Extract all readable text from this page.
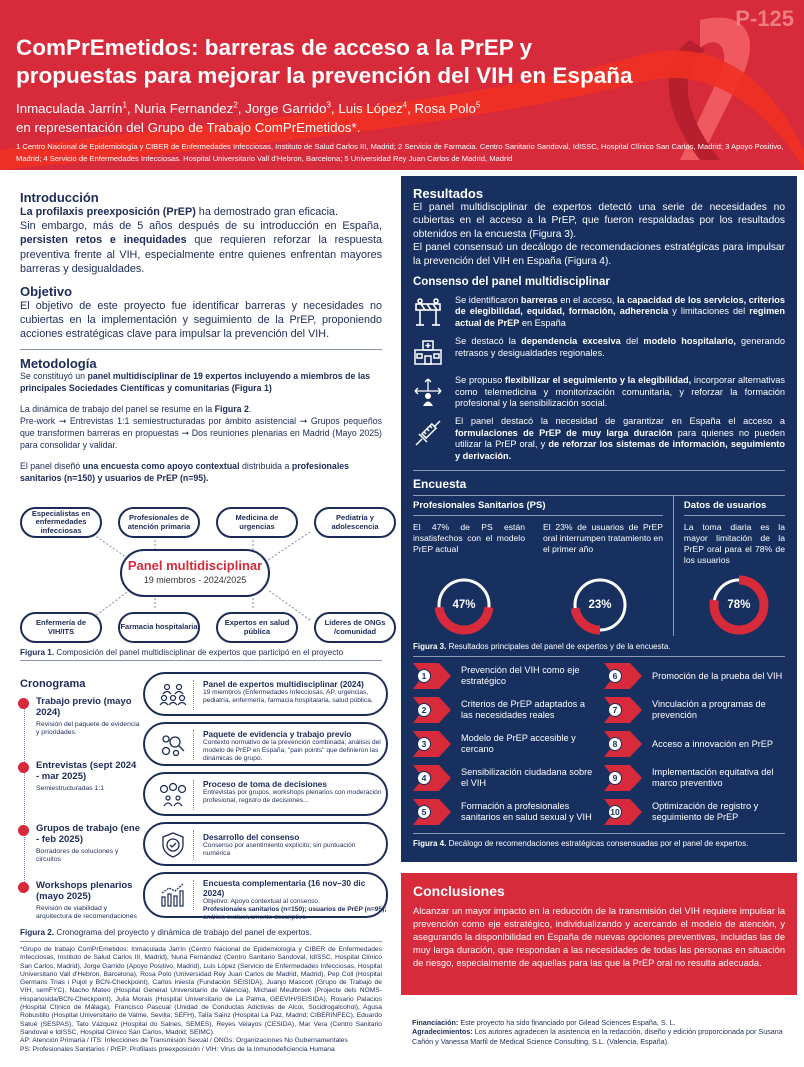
P-125
ComPrEmetidos: barreras de acceso a la PrEP y
propuestas para mejorar la prevención del VIH en España
Inmaculada Jarrín$^1$, Nuria Fernandez$^2$, Jorge Garrido$^3$, Luis López$^4$, Rosa Polo$^5$
en representación del Grupo de Trabajo ComPrEmetidos*.
1 Centro Nacional de Epidemiología y CIBER de Enfermedades Infecciosas, Instituto de Salud Carlos III, Madrid; 2 Servicio de Farmacia. Centro Sanitario Sandoval, IdISSC, Hospital Clínico San Carlos, Madrid; 3 Apoyo Positivo, Madrid; 4 Servicio de Enfermedades Infecciosas. Hospital Universitario Vall d'Hebron, Barcelona; 5 Universidad Rey Juan Carlos de Madrid, Madrid
Introducción
La profilaxis preexposición (PrEP) ha demostrado gran eficacia.
Sin embargo, más de 5 años después de su introducción en España, persisten retos e inequidades que requieren reforzar la respuesta preventiva frente al VIH, especialmente entre quienes enfrentan mayores barreras y desigualdades.
Objetivo
El objetivo de este proyecto fue identificar barreras y necesidades no cubiertas en la implementación y seguimiento de la PrEP, proponiendo acciones estratégicas clave para impulsar la prevención del VIH.
Metodología
Se constituyó un panel multidisciplinar de 19 expertos incluyendo a miembros de las principales Sociedades Científicas y comunitarias (Figura 1)
La dinámica de trabajo del panel se resume en la Figura 2.
Pre-work ➞ Entrevistas 1:1 semiestructuradas por ámbito asistencial ➞ Grupos pequeños que transformen barreras en propuestas ➞ Dos reuniones plenarias en Madrid (Mayo 2025) para consolidar y validar.
El panel diseñó una encuesta como apoyo contextual distribuida a profesionales sanitarios (n=150) y usuarios de PrEP (n=95).
Especialistas en enfermedades infecciosas
Profesionales de atención primaria
Medicina de urgencias
Pediatría y adolescencia
Panel multidisciplinar
19 miembros - 2024/2025
Enfermería de VIH/ITS	Farmacia hospitalaria	Expertos en salud pública
Líderes de ONGs /comunidad
Figura 1. Composición del panel multidisciplinar de expertos que participó en el proyecto
Cronograma
Trabajo previo (mayo 2024)
Revisión del paquete de evidencia y prioridades.
Entrevistas (sept 2024 - mar 2025)
Semiestructuradas 1:1
Grupos de trabajo (ene - feb 2025)
Borradores de soluciones y circuitos
Workshops plenarios (mayo 2025)
Revisión de viabilidad y arquitectura de recomendaciones
Panel de expertos multidisciplinar (2024)
19 miembros (Enfermedades Infecciosas, AP, urgencias, pediatría, enfermería, farmacia hospitalaria, salud pública,
Paquete de evidencia y trabajo previo
Contexto normativo de la prevención combinada; análisis del modelo de PrEP en España; "pain points" que definieron las dinámicas de grupo.
Proceso de toma de decisiones
Entrevistas por grupos, workshops plenarios con moderación profesional, registro de decisiones...
Desarrollo del consenso
Consenso por asentimiento explícito; sin puntuación numérica
Encuesta complementaria (16 nov–30 dic 2024)
Objetivo: Apoyo contextual al consenso.
Profesionales sanitarios (n=150); usuarios de PrEP (n=95);
análisis exclusivamente descriptivo.
Figura 2. Cronograma del proyecto y dinámica de trabajo del panel de expertos.
*Grupo de trabajo ComPrEmetidos: Inmaculada Jarrín (Centro Nacional de Epidemiología y CIBER de Enfermedades Infecciosas, Instituto de Salud Carlos III, Madrid), Nuria Fernández (Centro Sanitario Sandoval, IdISSC, Hospital Clínico San Carlos, Madrid), Jorge Garrido (Apoyo Positivo, Madrid), Luis López (Servicio de Enfermedades Infecciosas, Hospital Universitario Vall d'Hebron, Barcelona), Rosa Polo (Universidad Rey Juan Carlos de Madrid, Madrid), Pep Coll (Hospital Germans Trias i Pujol y BCN-Checkpoint), Carlos Iniesta (Fundación SEISIDA), Juanjo Mascort (Grupo de Trabajo de VIH, semFYC), Nacho Mateo (Hospital General Universitario de Valencia), Michael Meulbroek (Projecte dels NOMS-Hispanosida/BCN-Checkpoint), Julia Morais (Hospital Universitario de La Palma, GEEVIH/SEISIDA), Rosario Palacios (Hospital Clínico de Málaga), Francisco Pascual (Unidad de Conductas Adictivas de Alcoi, Socidrogalcohol), Agusa Robustillo (Hospital Universitario de Valme, Sevilla; SEFH), Talía Sainz (Hospital La Paz, Madrid; CIBERINFEC), Eduardo Satué (SESPAS), Tato Vázquez (Hospital do Salnes, SEMES), Reyes Velayos (CESIDA), Mar Vera (Centro Sanitario Sandoval e IdISSC, Hospital Clínico San Carlos, Madrid; SEIMC).
AP: Atención Primaria / ITS: Infecciones de Transmisión Sexual / ONGs: Organizaciones No Gubernamentales
PS: Profesionales Sanitarios / PrEP: Profilaxis preexposición / VIH: Virus de la Inmunodeficiencia Humana
Resultados
El panel multidisciplinar de expertos detectó una serie de necesidades no cubiertas en el acceso a la PrEP, que fueron respaldadas por los resultados obtenidos en la encuesta (Figura 3).
El panel consensuó un decálogo de recomendaciones estratégicas para impulsar la prevención del VIH en España (Figura 4).
Consenso del panel multidisciplinar
Se identificaron barreras en el acceso, la capacidad de los servicios, criterios de elegibilidad, equidad, formación, adherencia y limitaciones del regimen actual de PrEP en España
Se destacó la dependencia excesiva del modelo hospitalario, generando retrasos y desigualdades regionales.
Se propuso flexibilizar el seguimiento y la elegibilidad, incorporar alternativas como telemedicina y monitorización comunitaria, y reforzar la formación profesional y la sensibilización social.
El panel destacó la necesidad de garantizar en España el acceso a formulaciones de PrEP de muy larga duración para quienes no pueden utilizar la PrEP oral, y de reforzar los sistemas de información, seguimiento y derivación.
Encuesta
Profesionales Sanitarios (PS)
El 47% de PS están insatisfechos con el modelo PrEP actual
47%
El 23% de usuarios de PrEP oral interrumpen tratamiento en el primer año
23%
Datos de usuarios
La toma diaria es la mayor limitación de la PrEP oral para el 78% de los usuarios
78%
Figura 3. Resultados principales del panel de expertos y de la encuesta.
1
Prevención del VIH como eje estratégico	6	Promoción de la prueba del VIH
2
Criterios de PrEP adaptados a las necesidades reales	7
Vinculación a programas de prevención
3
Modelo de PrEP accesible y cercano	8	Acceso a innovación en PrEP
4
Sensibilización ciudadana sobre el VIH	9
Implementación equitativa del marco preventivo
5
Formación a profesionales sanitarios en salud sexual y VIH 10
Optimización de registro y seguimiento de PrEP
Figura 4. Decálogo de recomendaciones estratégicas consensuadas por el panel de expertos.
Conclusiones
Alcanzar un mayor impacto en la reducción de la transmisión del VIH requiere impulsar la prevención como eje estratégico, individualizando y acercando el modelo de atención, y asegurando la disponibilidad en España de nuevas opciones preventivas, incluidas las de muy larga duración, que respondan a las necesidades de todas las personas en situación de riesgo, especialmente de aquellas para las que la PrEP oral no resulta adecuada.
Financiación: Este proyecto ha sido financiado por Gilead Sciences España, S. L.
Agradecimientos: Los autores agradecen la asistencia en la redacción, diseño y edición proporcionada por Susana Cañón y Vanessa Marfil de Medical Science Consulting, S.L. (Valencia, España).
